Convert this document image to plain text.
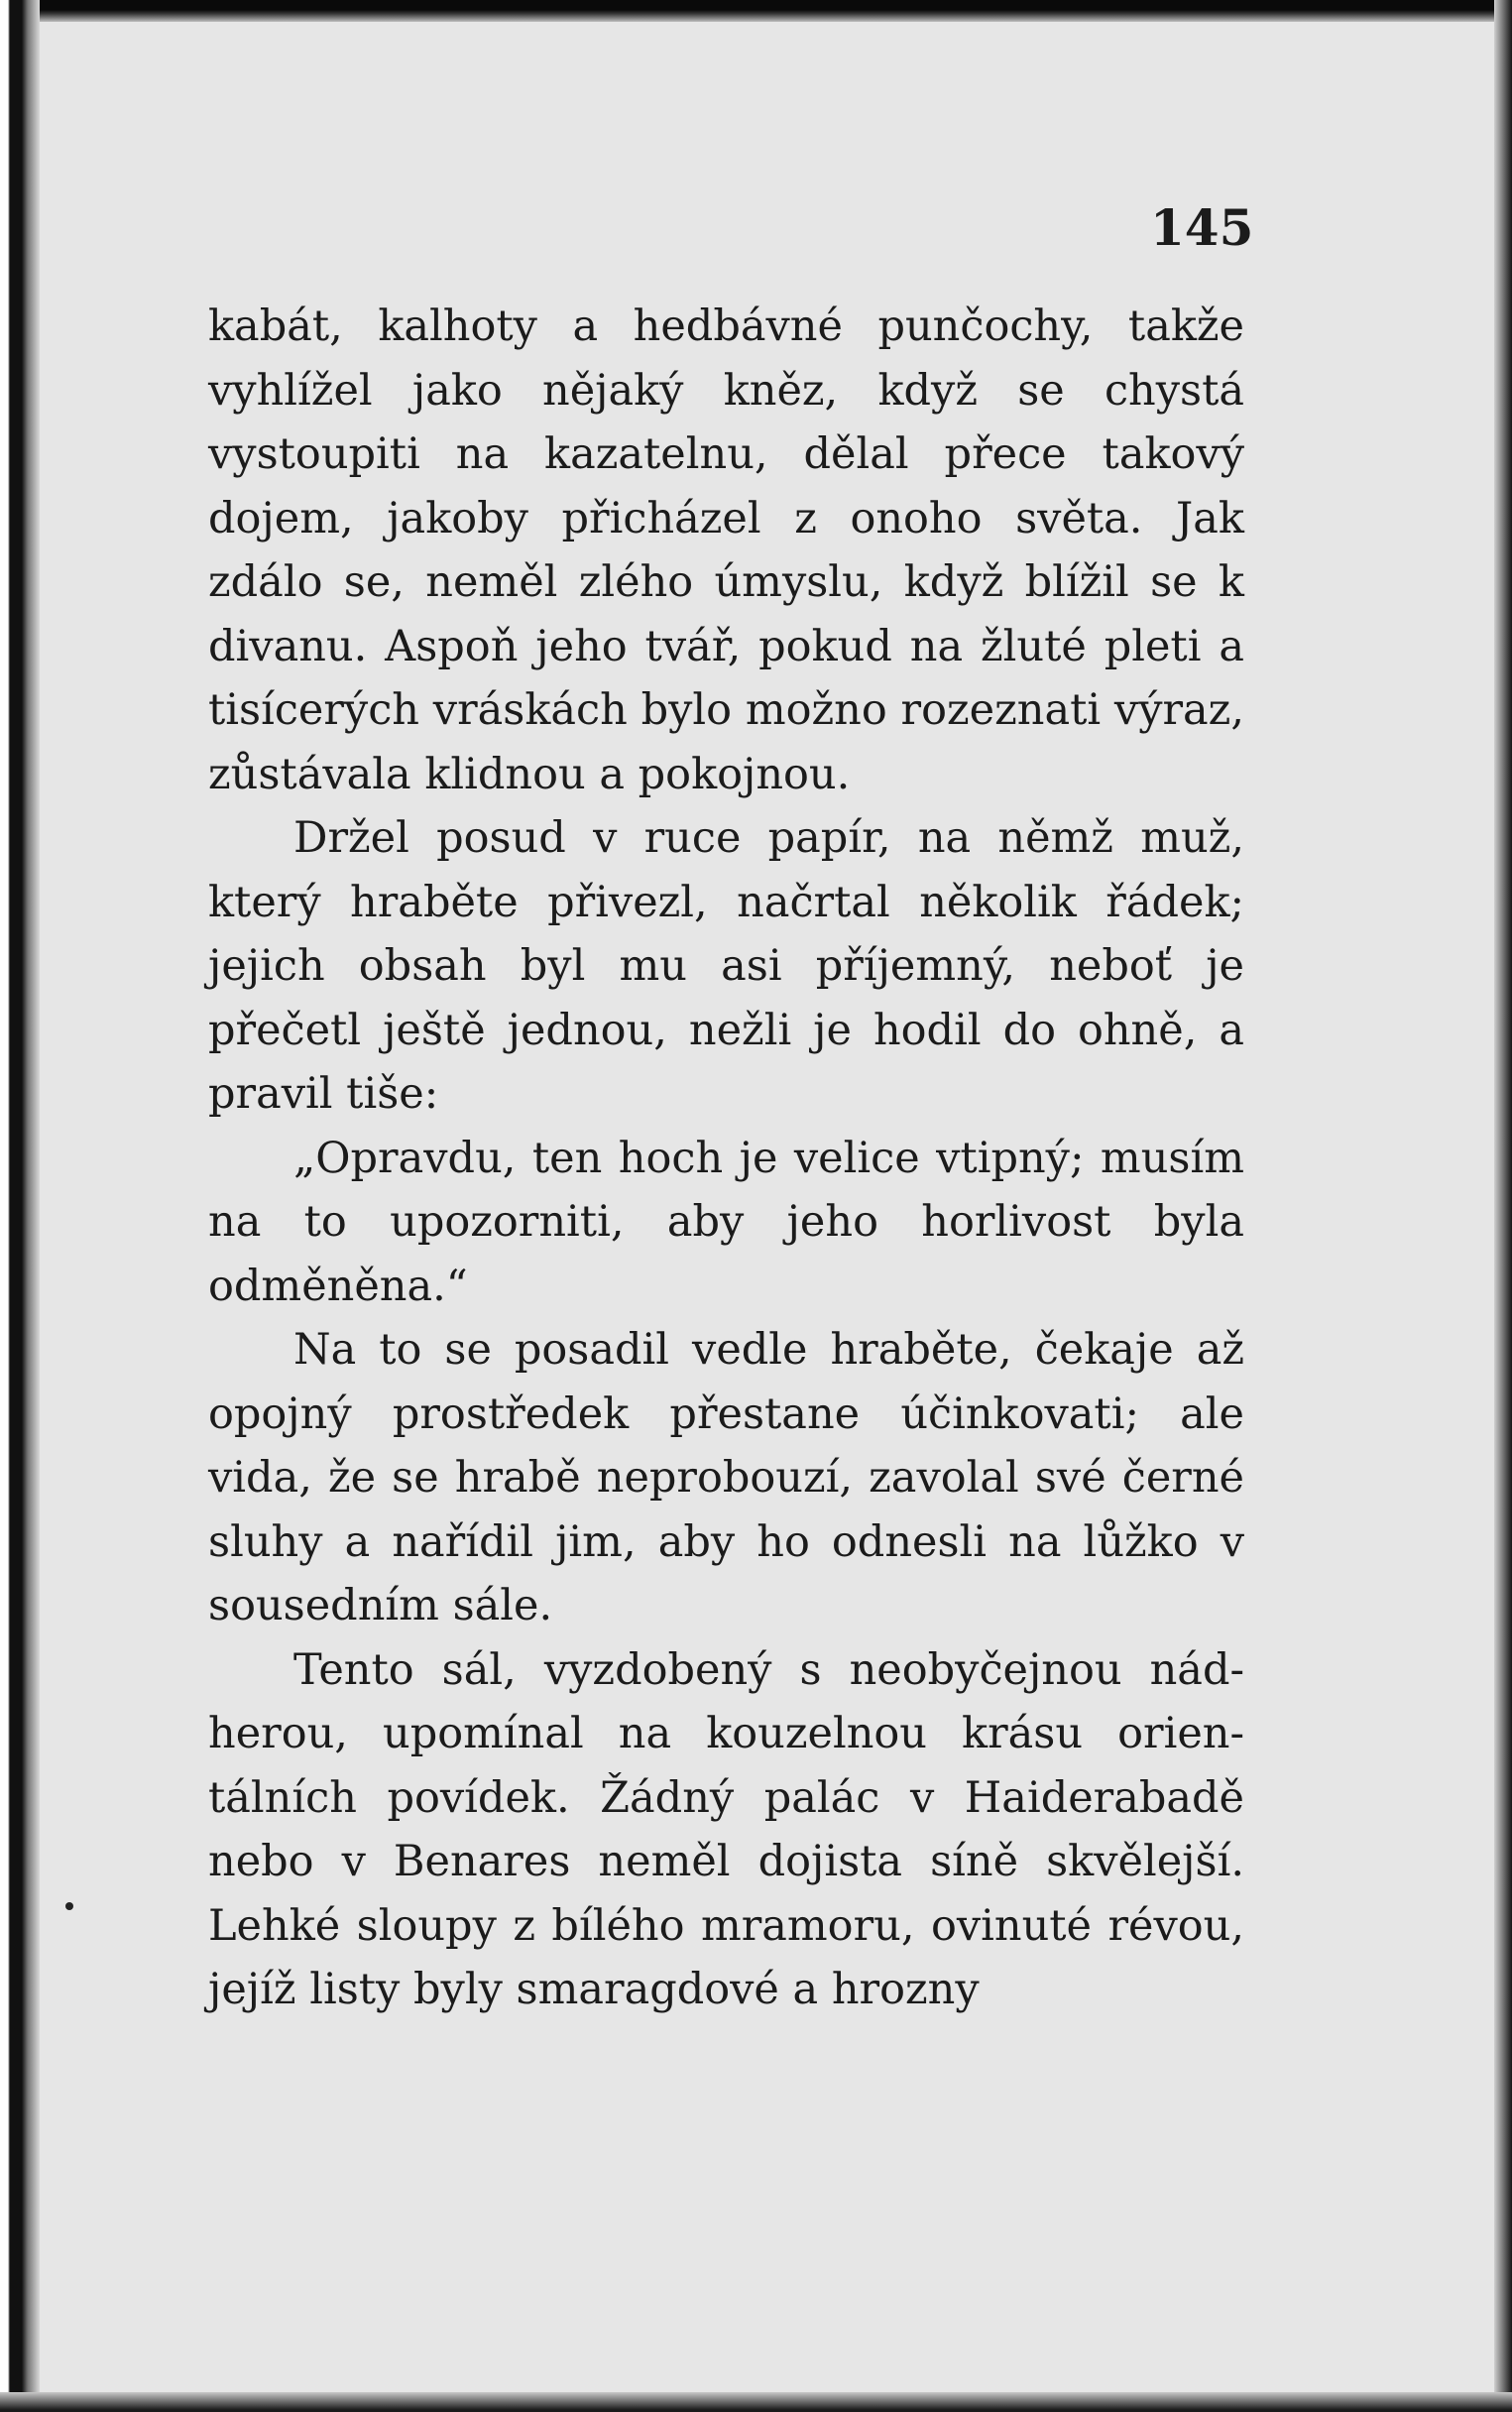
145

kabát, kalhoty a hedbávné punčochy, takže vyhlížel jako nějaký kněz, když se chystá vystoupiti na kazatelnu, dělal přece takový dojem, jakoby přicházel z onoho světa. Jak zdálo se, neměl zlého úmyslu, když blížil se k divanu. Aspoň jeho tvář, pokud na žluté pleti a tisícerých vráskách bylo možno rozeznati výraz, zůstávala klidnou a pokojnou.

Držel posud v ruce papír, na němž muž, který hraběte přivezl, načrtal několik řádek; jejich obsah byl mu asi příjemný, neboť je přečetl ještě jednou, nežli je hodil do ohně, a pravil tiše:

„Opravdu, ten hoch je velice vtipný; musím na to upozorniti, aby jeho horlivost byla odměněna.“

Na to se posadil vedle hraběte, čekaje až opojný prostředek přestane účinkovati; ale vida, že se hrabě neprobouzí, zavolal své černé sluhy a nařídil jim, aby ho odnesli na lůžko v sousedním sále.

Tento sál, vyzdobený s neobyčejnou nádherou, upomínal na kouzelnou krásu orientálních povídek. Žádný palác v Haiderabadě nebo v Benares neměl dojista síně skvělejší. Lehké sloupy z bílého mramoru, ovinuté révou, jejíž listy byly smaragdové a hrozny
